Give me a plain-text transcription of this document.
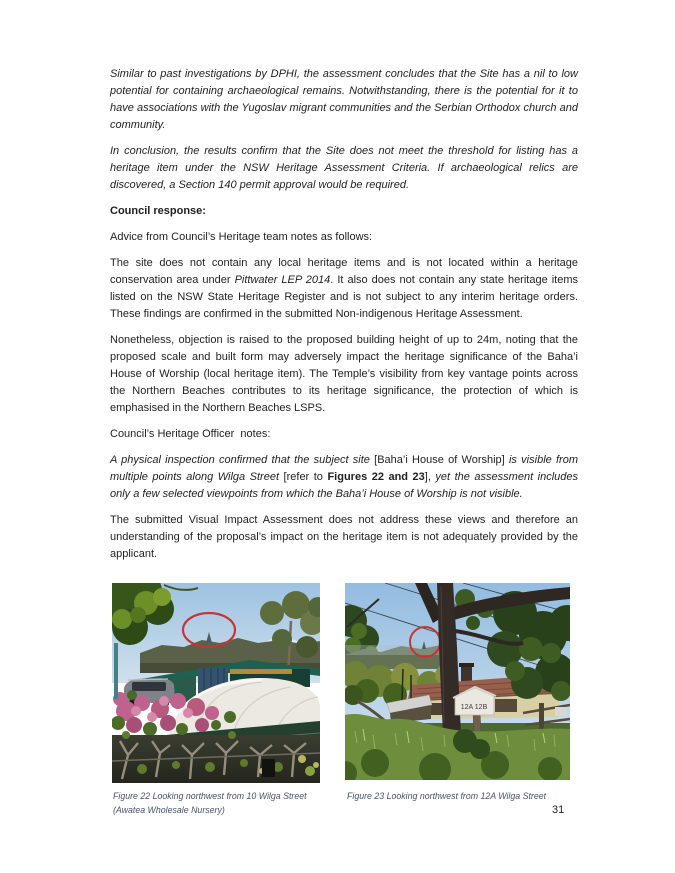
Similar to past investigations by DPHI, the assessment concludes that the Site has a nil to low potential for containing archaeological remains. Notwithstanding, there is the potential for it to have associations with the Yugoslav migrant communities and the Serbian Orthodox church and community.

In conclusion, the results confirm that the Site does not meet the threshold for listing has a heritage item under the NSW Heritage Assessment Criteria. If archaeological relics are discovered, a Section 140 permit approval would be required.

Council response:

Advice from Council’s Heritage team notes as follows:

The site does not contain any local heritage items and is not located within a heritage conservation area under Pittwater LEP 2014. It also does not contain any state heritage items listed on the NSW State Heritage Register and is not subject to any interim heritage orders. These findings are confirmed in the submitted Non-indigenous Heritage Assessment.

Nonetheless, objection is raised to the proposed building height of up to 24m, noting that the proposed scale and built form may adversely impact the heritage significance of the Baha’i House of Worship (local heritage item). The Temple’s visibility from key vantage points across the Northern Beaches contributes to its heritage significance, the protection of which is emphasised in the Northern Beaches LSPS.

Council’s Heritage Officer  notes:

A physical inspection confirmed that the subject site [Baha’i House of Worship] is visible from multiple points along Wilga Street [refer to Figures 22 and 23], yet the assessment includes only a few selected viewpoints from which the Baha’i House of Worship is not visible.

The submitted Visual Impact Assessment does not address these views and therefore an understanding of the proposal’s impact on the heritage item is not adequately provided by the applicant.

12A 12B
Figure 22 Looking northwest from 10 Wilga Street
(Awatea Wholesale Nursery)
Figure 23 Looking northwest from 12A Wilga Street
31
